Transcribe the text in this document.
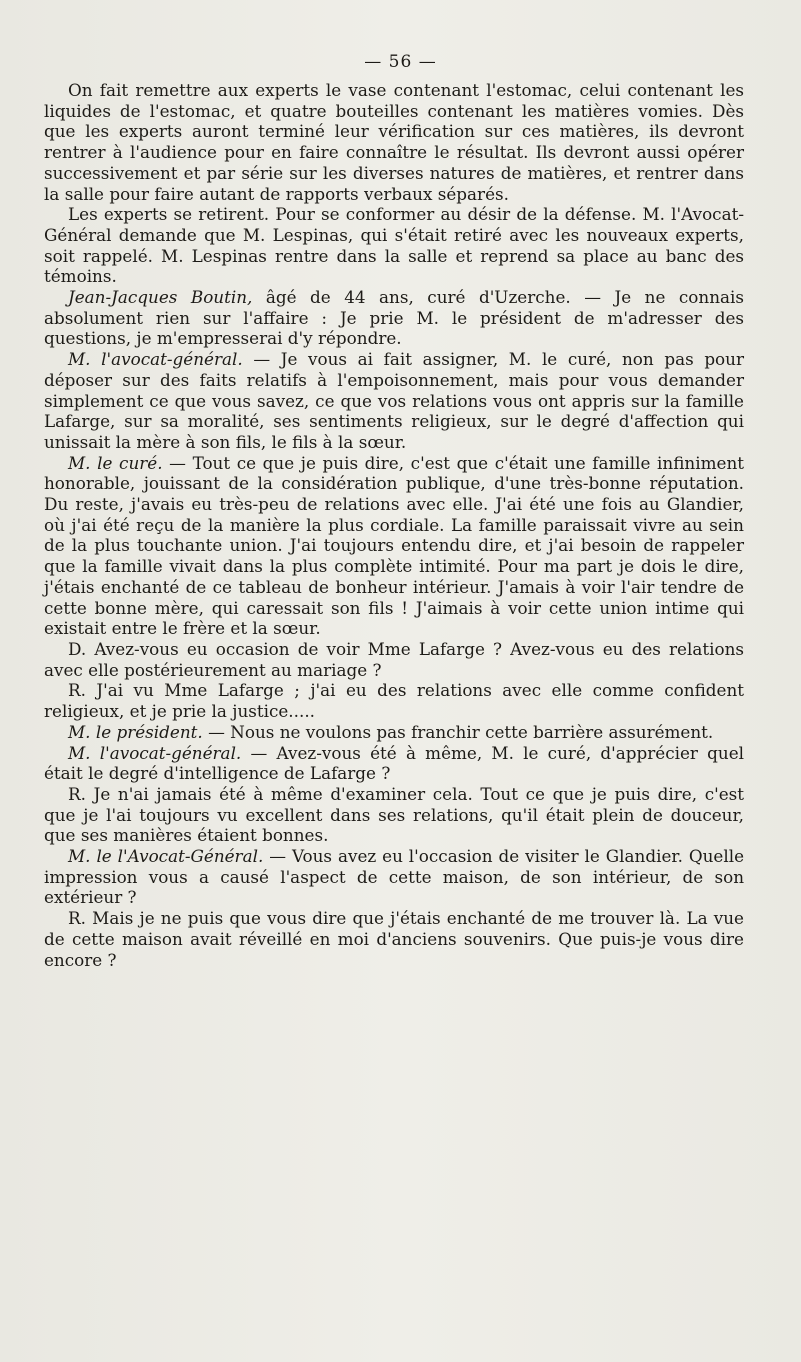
— 56 —

On fait remettre aux experts le vase contenant l'estomac, celui contenant les liquides de l'estomac, et quatre bouteilles contenant les matières vomies. Dès que les experts auront terminé leur vérification sur ces matières, ils devront rentrer à l'audience pour en faire connaître le résultat. Ils devront aussi opérer successivement et par série sur les diverses natures de matières, et rentrer dans la salle pour faire autant de rapports verbaux séparés.

Les experts se retirent. Pour se conformer au désir de la défense. M. l'Avocat-Général demande que M. Lespinas, qui s'était retiré avec les nouveaux experts, soit rappelé. M. Lespinas rentre dans la salle et reprend sa place au banc des témoins.

Jean-Jacques Boutin, âgé de 44 ans, curé d'Uzerche. — Je ne connais absolument rien sur l'affaire : Je prie M. le président de m'adresser des questions, je m'empresserai d'y répondre.

M. l'avocat-général. — Je vous ai fait assigner, M. le curé, non pas pour déposer sur des faits relatifs à l'empoisonnement, mais pour vous demander simplement ce que vous savez, ce que vos relations vous ont appris sur la famille Lafarge, sur sa moralité, ses sentiments religieux, sur le degré d'affection qui unissait la mère à son fils, le fils à la sœur.

M. le curé. — Tout ce que je puis dire, c'est que c'était une famille infiniment honorable, jouissant de la considération publique, d'une très-bonne réputation. Du reste, j'avais eu très-peu de relations avec elle. J'ai été une fois au Glandier, où j'ai été reçu de la manière la plus cordiale. La famille paraissait vivre au sein de la plus touchante union. J'ai toujours entendu dire, et j'ai besoin de rappeler que la famille vivait dans la plus complète intimité. Pour ma part je dois le dire, j'étais enchanté de ce tableau de bonheur intérieur. J'amais à voir l'air tendre de cette bonne mère, qui caressait son fils ! J'aimais à voir cette union intime qui existait entre le frère et la sœur.

D. Avez-vous eu occasion de voir Mme Lafarge ? Avez-vous eu des relations avec elle postérieurement au mariage ?

R. J'ai vu Mme Lafarge ; j'ai eu des relations avec elle comme confident religieux, et je prie la justice.....

M. le président. — Nous ne voulons pas franchir cette barrière assurément.

M. l'avocat-général. — Avez-vous été à même, M. le curé, d'apprécier quel était le degré d'intelligence de Lafarge ?

R. Je n'ai jamais été à même d'examiner cela. Tout ce que je puis dire, c'est que je l'ai toujours vu excellent dans ses relations, qu'il était plein de douceur, que ses manières étaient bonnes.

M. le l'Avocat-Général. — Vous avez eu l'occasion de visiter le Glandier. Quelle impression vous a causé l'aspect de cette maison, de son intérieur, de son extérieur ?

R. Mais je ne puis que vous dire que j'étais enchanté de me trouver là. La vue de cette maison avait réveillé en moi d'anciens souvenirs. Que puis-je vous dire encore ?
